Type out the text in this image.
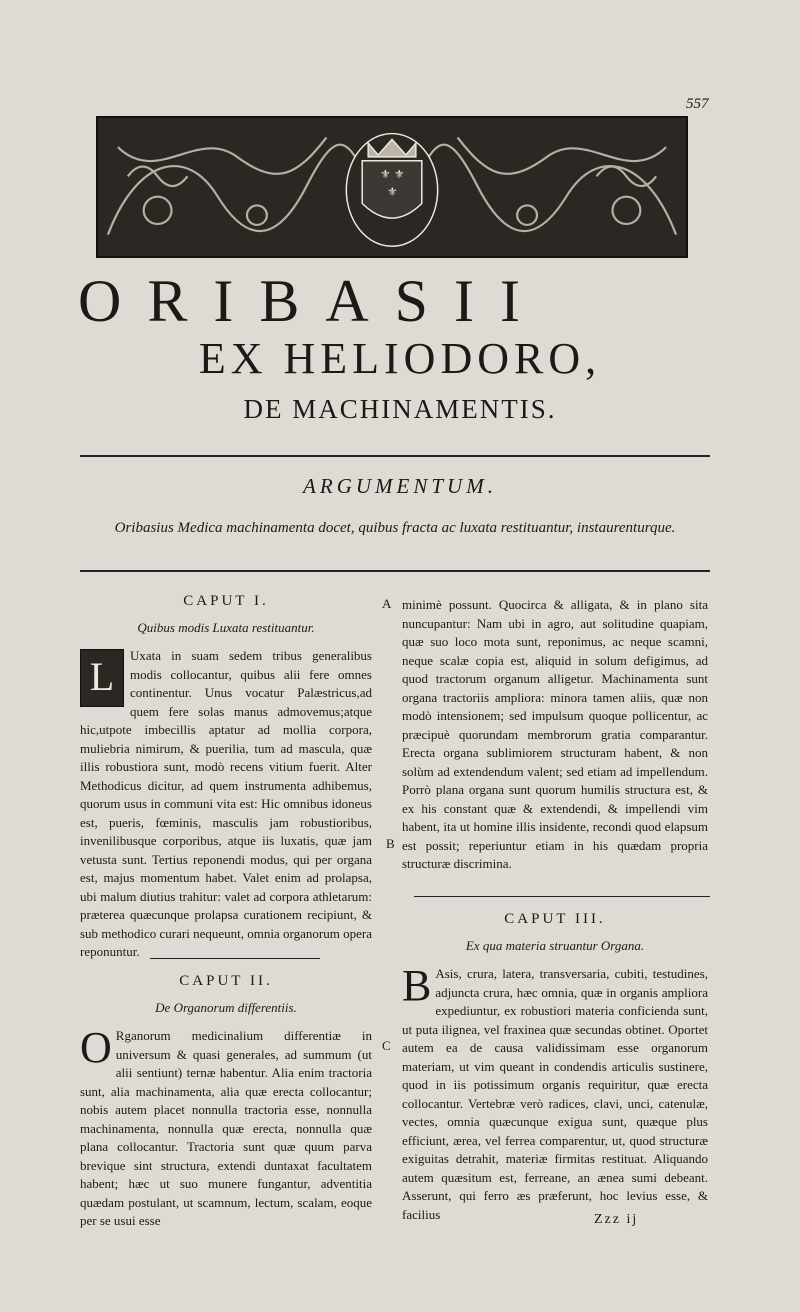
557
⚜ ⚜
⚜
ORIBASII
EX HELIODORO,
DE MACHINAMENTIS.
ARGUMENTUM.
Oribasius Medica machinamenta docet, quibus fracta ac luxata restituantur, instaurenturque.
CAPUT I.
Quibus modis Luxata restituantur.
L	Uxata in suam sedem tribus generalibus modis collocantur, quibus alii fere omnes continentur. Unus vocatur Palæstricus,ad quem fere solas manus admovemus;atque hic,utpote imbecillis aptatur ad mollia corpora, muliebria nimirum, & puerilia, tum ad mascula, quæ illis robustiora sunt, modò recens vitium fuerit. Alter Methodicus dicitur, ad quem instrumenta adhibemus, quorum usus in communi vita est: Hic omnibus idoneus est, pueris, fœminis, masculis jam robustioribus, invenilibusque corporibus, atque iis luxatis, quæ jam vetusta sunt. Tertius reponendi modus, qui per organa est, majus momentum habet. Valet enim ad prolapsa, ubi malum diutius trahitur: valet ad corpora athletarum: præterea quæcunque prolapsa curationem recipiunt, & sub methodico curari nequeunt, omnia organorum opera reponuntur.
CAPUT II.
De Organorum differentiis.
O Rganorum medicinalium differentiæ in universum & quasi generales, ad summum (ut alii sentiunt) ternæ habentur. Alia enim tractoria sunt, alia machinamenta, alia quæ erecta collocantur; nobis autem placet nonnulla tractoria esse, nonnulla machinamenta, nonnulla quæ erecta, nonnulla quæ plana collocantur. Tractoria sunt quæ quum parva brevique sint structura, extendi duntaxat facultatem habent; hæc ut suo munere fungantur, adventitia quædam postulant, ut scamnum, lectum, scalam, eoque per se usui esse
A
B
C
minimè possunt. Quocirca & alligata, & in plano sita nuncupantur: Nam ubi in agro, aut solitudine quapiam, quæ suo loco mota sunt, reponimus, ac neque scamni, neque scalæ copia est, aliquid in solum defigimus, ad quod tractorum organum alligetur. Machinamenta sunt organa tractoriis ampliora: minora tamen aliis, quæ non modò intensionem; sed impulsum quoque pollicentur, ac præcipuè quorundam membrorum gratia comparantur. Erecta organa sublimiorem structuram habent, & non solùm ad extendendum valent; sed etiam ad impellendum. Porrò plana organa sunt quorum humilis structura est, & ex his constant quæ & extendendi, & impellendi vim habent, ita ut homine illis insidente, recondi quod elapsum est possit; reperiuntur etiam in his quædam propria structuræ discrimina.
CAPUT III.
Ex qua materia struantur Organa.
B Asis, crura, latera, transversaria, cubiti, testudines, adjuncta crura, hæc omnia, quæ in organis ampliora expediuntur, ex robustiori materia conficienda sunt, ut puta ilignea, vel fraxinea quæ secundas obtinet. Oportet autem ea de causa validissimam esse organorum materiam, ut vim queant in condendis articulis sustinere, quod in iis potissimum organis requiritur, quæ erecta collocantur. Vertebræ verò radices, clavi, unci, catenulæ, vectes, omnia quæcunque exigua sunt, quæque plus efficiunt, ærea, vel ferrea comparentur, ut, quod structuræ exiguitas detrahit, materiæ firmitas restituat. Aliquando autem quæsitum est, ferreane, an ænea sumi debeant. Asserunt, qui ferro æs præferunt, hoc levius esse, & facilius	Zzz ij
